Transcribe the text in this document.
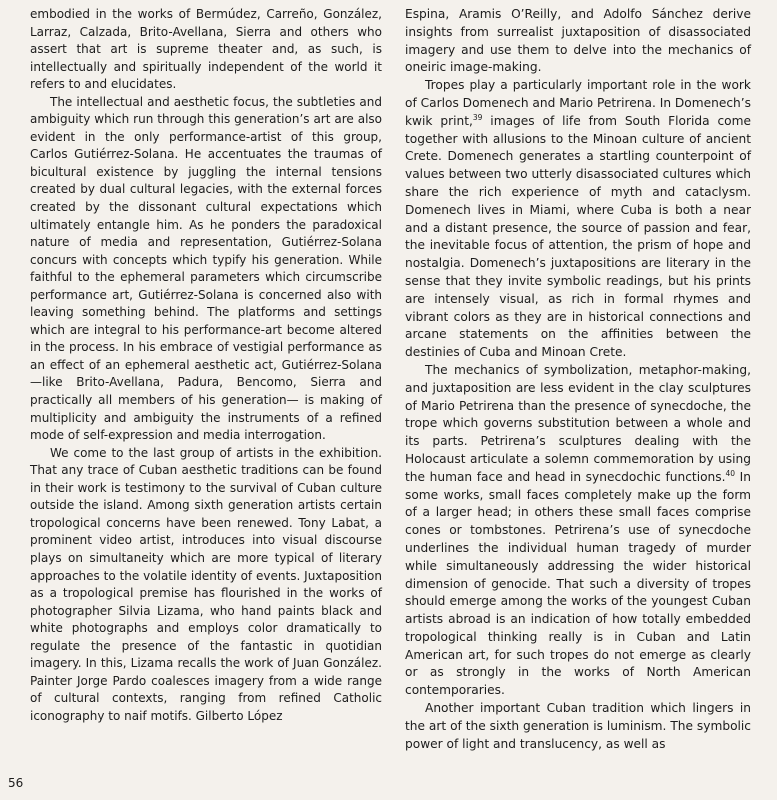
embodied in the works of Bermúdez, Carreño, González, Larraz, Calzada, Brito-Avellana, Sierra and others who assert that art is supreme theater and, as such, is intellectually and spiritually independent of the world it refers to and elucidates.

The intellectual and aesthetic focus, the subtleties and ambiguity which run through this generation’s art are also evident in the only performance-artist of this group, Carlos Gutiérrez-Solana. He accentuates the traumas of bicultural existence by juggling the internal tensions created by dual cultural legacies, with the external forces created by the dissonant cultural expectations which ultimately entangle him. As he ponders the paradoxical nature of media and representation, Gutiérrez-Solana concurs with concepts which typify his generation. While faithful to the ephemeral parameters which circumscribe performance art, Gutiérrez-Solana is concerned also with leaving something behind. The platforms and settings which are integral to his performance-art become altered in the process. In his embrace of vestigial performance as an effect of an ephemeral aesthetic act, Gutiérrez-Solana —like Brito-Avellana, Padura, Bencomo, Sierra and practically all members of his generation— is making of multiplicity and ambiguity the instruments of a refined mode of self-expression and media interrogation.

We come to the last group of artists in the exhibition. That any trace of Cuban aesthetic traditions can be found in their work is testimony to the survival of Cuban culture outside the island. Among sixth generation artists certain tropological concerns have been renewed. Tony Labat, a prominent video artist, introduces into visual discourse plays on simultaneity which are more typical of literary approaches to the volatile identity of events. Juxtaposition as a tropological premise has flourished in the works of photographer Silvia Lizama, who hand paints black and white photographs and employs color dramatically to regulate the presence of the fantastic in quotidian imagery. In this, Lizama recalls the work of Juan González. Painter Jorge Pardo coalesces imagery from a wide range of cultural contexts, ranging from refined Catholic iconography to naif motifs. Gilberto López

Espina, Aramis O’Reilly, and Adolfo Sánchez derive insights from surrealist juxtaposition of disassociated imagery and use them to delve into the mechanics of oneiric image-making.

Tropes play a particularly important role in the work of Carlos Domenech and Mario Petrirena. In Domenech’s kwik print,$^{39}$ images of life from South Florida come together with allusions to the Minoan culture of ancient Crete. Domenech generates a startling counterpoint of values between two utterly disassociated cultures which share the rich experience of myth and cataclysm. Domenech lives in Miami, where Cuba is both a near and a distant presence, the source of passion and fear, the inevitable focus of attention, the prism of hope and nostalgia. Domenech’s juxtapositions are literary in the sense that they invite symbolic readings, but his prints are intensely visual, as rich in formal rhymes and vibrant colors as they are in historical connections and arcane statements on the affinities between the destinies of Cuba and Minoan Crete.

The mechanics of symbolization, metaphor-making, and juxtaposition are less evident in the clay sculptures of Mario Petrirena than the presence of synecdoche, the trope which governs substitution between a whole and its parts. Petrirena’s sculptures dealing with the Holocaust articulate a solemn commemoration by using the human face and head in synecdochic functions.$^{40}$ In some works, small faces completely make up the form of a larger head; in others these small faces comprise cones or tombstones. Petrirena’s use of synecdoche underlines the individual human tragedy of murder while simultaneously addressing the wider historical dimension of genocide. That such a diversity of tropes should emerge among the works of the youngest Cuban artists abroad is an indication of how totally embedded tropological thinking really is in Cuban and Latin American art, for such tropes do not emerge as clearly or as strongly in the works of North American contemporaries.

Another important Cuban tradition which lingers in the art of the sixth generation is luminism. The symbolic power of light and translucency, as well as

56
